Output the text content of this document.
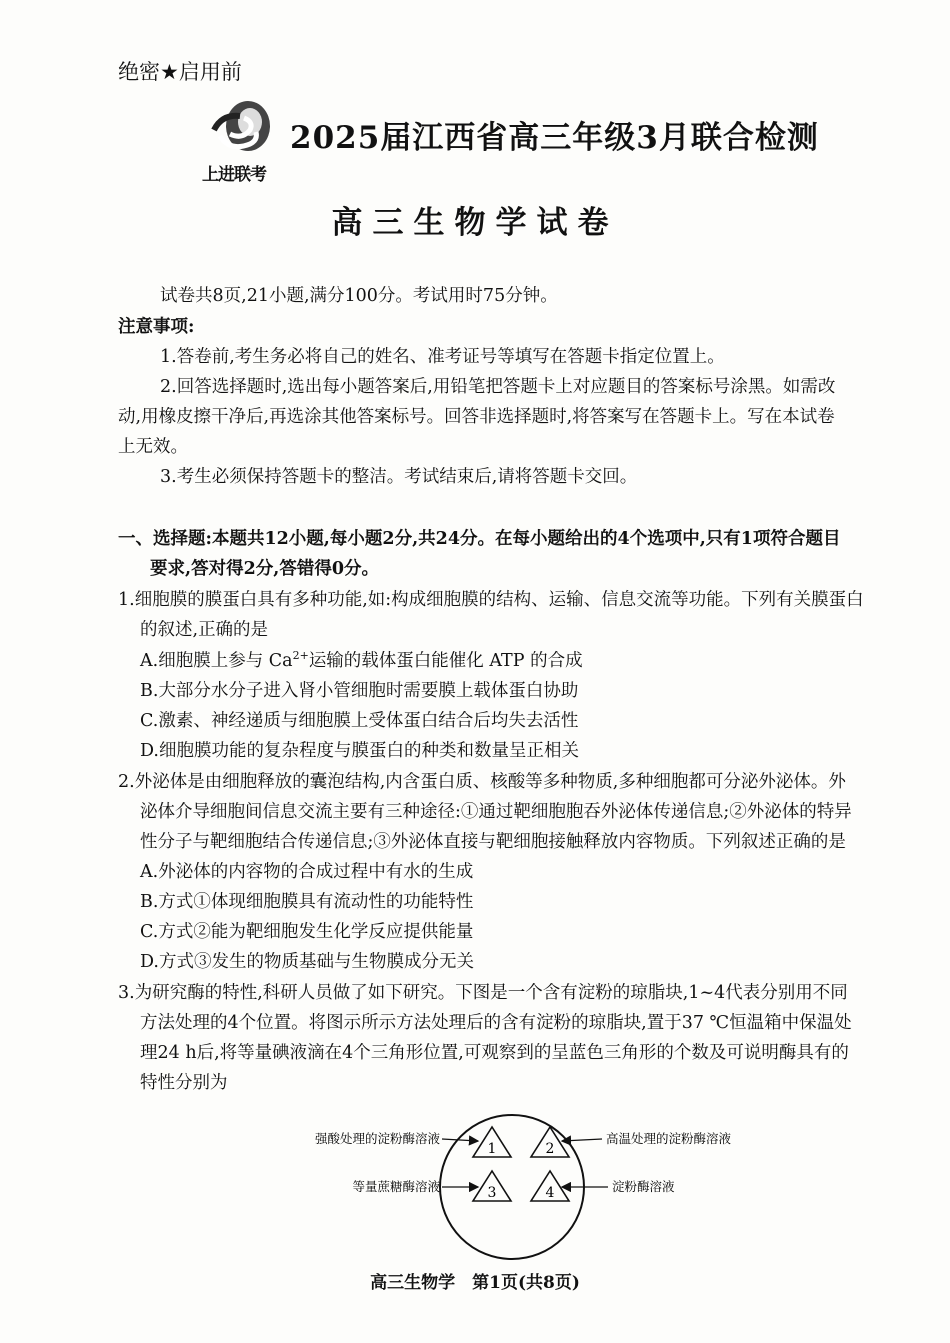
绝密★启用前
上进联考
2025届江西省高三年级3月联合检测
高三生物学试卷
试卷共8页,21小题,满分100分。考试用时75分钟。
注意事项:
1.答卷前,考生务必将自己的姓名、准考证号等填写在答题卡指定位置上。
2.回答选择题时,选出每小题答案后,用铅笔把答题卡上对应题目的答案标号涂黑。如需改
动,用橡皮擦干净后,再选涂其他答案标号。回答非选择题时,将答案写在答题卡上。写在本试卷
上无效。
3.考生必须保持答题卡的整洁。考试结束后,请将答题卡交回。
一、选择题:本题共12小题,每小题2分,共24分。在每小题给出的4个选项中,只有1项符合题目
要求,答对得2分,答错得0分。
1.细胞膜的膜蛋白具有多种功能,如:构成细胞膜的结构、运输、信息交流等功能。下列有关膜蛋白
的叙述,正确的是
A.细胞膜上参与 $Ca^{2+}$运输的载体蛋白能催化 ATP 的合成
B.大部分水分子进入肾小管细胞时需要膜上载体蛋白协助
C.激素、神经递质与细胞膜上受体蛋白结合后均失去活性
D.细胞膜功能的复杂程度与膜蛋白的种类和数量呈正相关
2.外泌体是由细胞释放的囊泡结构,内含蛋白质、核酸等多种物质,多种细胞都可分泌外泌体。外
泌体介导细胞间信息交流主要有三种途径:①通过靶细胞胞吞外泌体传递信息;②外泌体的特异
性分子与靶细胞结合传递信息;③外泌体直接与靶细胞接触释放内容物质。下列叙述正确的是
A.外泌体的内容物的合成过程中有水的生成
B.方式①体现细胞膜具有流动性的功能特性
C.方式②能为靶细胞发生化学反应提供能量
D.方式③发生的物质基础与生物膜成分无关
3.为研究酶的特性,科研人员做了如下研究。下图是一个含有淀粉的琼脂块,1~4代表分别用不同
方法处理的4个位置。将图示所示方法处理后的含有淀粉的琼脂块,置于37 ℃恒温箱中保温处
理24 h后,将等量碘液滴在4个三角形位置,可观察到的呈蓝色三角形的个数及可说明酶具有的
特性分别为
1	2
3	4
强酸处理的淀粉酶溶液	高温处理的淀粉酶溶液
等量蔗糖酶溶液	淀粉酶溶液
高三生物学　第1页(共8页)
